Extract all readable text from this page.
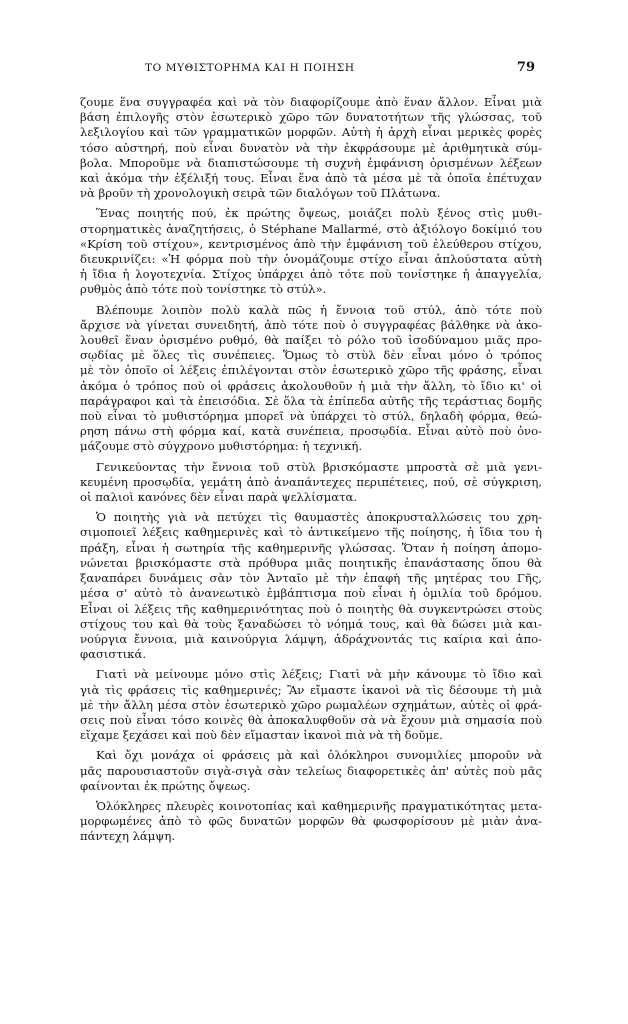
ΤΟ ΜΥΘΙΣΤΟΡΗΜΑ ΚΑΙ Η ΠΟΙΗΣΗ	79
ζουμε ἕνα συγγραφέα καὶ νὰ τὸν διαφορίζουμε ἀπὸ ἕναν ἄλλον. Εἶναι μιὰ
βάση ἐπιλογῆς στὸν ἐσωτερικὸ χῶρο τῶν δυνατοτήτων τῆς γλώσσας, τοῦ
λεξιλογίου καὶ τῶν γραμματικῶν μορφῶν. Αὐτὴ ἡ ἀρχὴ εἶναι μερικὲς φορὲς
τόσο αὐστηρή, ποὺ εἶναι δυνατὸν νὰ τὴν ἐκφράσουμε μὲ ἀριθμητικὰ σύμ-
βολα. Μποροῦμε νὰ διαπιστώσουμε τὴ συχνὴ ἐμφάνιση ὁρισμένων λέξεων
καὶ ἀκόμα τὴν ἐξέλιξή τους. Εἶναι ἕνα ἀπὸ τὰ μέσα μὲ τὰ ὁποῖα ἐπέτυχαν
νὰ βροῦν τὴ χρονολογικὴ σειρὰ τῶν διαλόγων τοῦ Πλάτωνα.
Ἕνας ποιητής πού, ἐκ πρώτης ὄψεως, μοιάζει πολὺ ξένος στὶς μυθι-
στορηματικὲς ἀναζητήσεις, ὁ Stéphane Mallarmé, στὸ ἀξιόλογο δοκίμιό του
«Κρίση τοῦ στίχου», κεντρισμένος ἀπὸ τὴν ἐμφάνιση τοῦ ἐλεύθερου στίχου,
διευκρινίζει: «Ἡ φόρμα ποὺ τὴν ὀνομάζουμε στίχο εἶναι ἁπλούστατα αὐτὴ
ἡ ἴδια ἡ λογοτεχνία. Στίχος ὑπάρχει ἀπὸ τότε ποὺ τονίστηκε ἡ ἀπαγγελία,
ρυθμὸς ἀπὸ τότε ποὺ τονίστηκε τὸ στύλ».
Βλέπουμε λοιπὸν πολὺ καλὰ πῶς ἡ ἔννοια τοῦ στύλ, ἀπὸ τότε ποὺ
ἄρχισε νὰ γίνεται συνειδητή, ἀπὸ τότε ποὺ ὁ συγγραφέας βάλθηκε νὰ ἀκο-
λουθεῖ ἕναν ὁρισμένο ρυθμό, θὰ παίξει τὸ ρόλο τοῦ ἰσοδύναμου μιᾶς προ-
σῳδίας μὲ ὅλες τὶς συνέπειες. Ὅμως τὸ στὺλ δὲν εἶναι μόνο ὁ τρόπος
μὲ τὸν ὁποῖο οἱ λέξεις ἐπιλέγονται στὸν ἐσωτερικὸ χῶρο τῆς φράσης, εἶναι
ἀκόμα ὁ τρόπος ποὺ οἱ φράσεις ἀκολουθοῦν ἡ μιὰ τὴν ἄλλη, τὸ ἴδιο κι' οἱ
παράγραφοι καὶ τὰ ἐπεισόδια. Σὲ ὅλα τὰ ἐπίπεδα αὐτῆς τῆς τεράστιας δομῆς
ποὺ εἶναι τὸ μυθιστόρημα μπορεῖ νὰ ὑπάρχει τὸ στύλ, δηλαδὴ φόρμα, θεώ-
ρηση πάνω στὴ φόρμα καί, κατὰ συνέπεια, προσῳδία. Εἶναι αὐτὸ ποὺ ὀνο-
μάζουμε στὸ σύγχρονο μυθιστόρημα: ἡ τεχνική.
Γενικεύοντας τὴν ἔννοια τοῦ στὺλ βρισκόμαστε μπροστὰ σὲ μιὰ γενι-
κευμένη προσῳδία, γεμάτη ἀπὸ ἀναπάντεχες περιπέτειες, πού, σὲ σύγκριση,
οἱ παλιοὶ κανόνες δὲν εἶναι παρὰ ψελλίσματα.
Ὁ ποιητὴς γιὰ νὰ πετύχει τὶς θαυμαστὲς ἀποκρυσταλλώσεις του χρη-
σιμοποιεῖ λέξεις καθημερινὲς καὶ τὸ ἀντικείμενο τῆς ποίησης, ἡ ἴδια του ἡ
πράξη, εἶναι ἡ σωτηρία τῆς καθημερινῆς γλώσσας. Ὅταν ἡ ποίηση ἀπομο-
νώνεται βρισκόμαστε στὰ πρόθυρα μιᾶς ποιητικῆς ἐπανάστασης ὅπου θὰ
ξαναπάρει δυνάμεις σὰν τὸν Ἀνταῖο μὲ τὴν ἐπαφὴ τῆς μητέρας του Γῆς,
μέσα σ' αὐτὸ τὸ ἀνανεωτικὸ ἐμβάπτισμα ποὺ εἶναι ἡ ὁμιλία τοῦ δρόμου.
Εἶναι οἱ λέξεις τῆς καθημερινότητας ποὺ ὁ ποιητὴς θὰ συγκεντρώσει στοὺς
στίχους του καὶ θὰ τοὺς ξαναδώσει τὸ νόημά τους, καὶ θὰ δώσει μιὰ και-
νούργια ἔννοια, μιὰ καινούργια λάμψη, ἀδράχνοντάς τις καίρια καὶ ἀπο-
φασιστικά.
Γιατὶ νὰ μείνουμε μόνο στὶς λέξεις; Γιατὶ νὰ μὴν κάνουμε τὸ ἴδιο καὶ
γιὰ τὶς φράσεις τὶς καθημερινές; Ἂν εἴμαστε ἱκανοὶ νὰ τὶς δέσουμε τὴ μιὰ
μὲ τὴν ἄλλη μέσα στὸν ἐσωτερικὸ χῶρο ρωμαλέων σχημάτων, αὐτὲς οἱ φρά-
σεις ποὺ εἶναι τόσο κοινὲς θὰ ἀποκαλυφθοῦν σὰ νὰ ἔχουν μιὰ σημασία ποὺ
εἴχαμε ξεχάσει καὶ ποὺ δὲν εἴμασταν ἱκανοὶ πιὰ νὰ τὴ δοῦμε.
Καὶ ὄχι μονάχα οἱ φράσεις μὰ καὶ ὁλόκληροι συνομιλίες μποροῦν νὰ
μᾶς παρουσιαστοῦν σιγὰ-σιγὰ σὰν τελείως διαφορετικὲς ἀπ' αὐτὲς ποὺ μᾶς
φαίνονται ἐκ πρώτης ὄψεως.
Ὁλόκληρες πλευρὲς κοινοτοπίας καὶ καθημερινῆς πραγματικότητας μετα-
μορφωμένες ἀπὸ τὸ φῶς δυνατῶν μορφῶν θὰ φωσφορίσουν μὲ μιὰν ἀνα-
πάντεχη λάμψη.
